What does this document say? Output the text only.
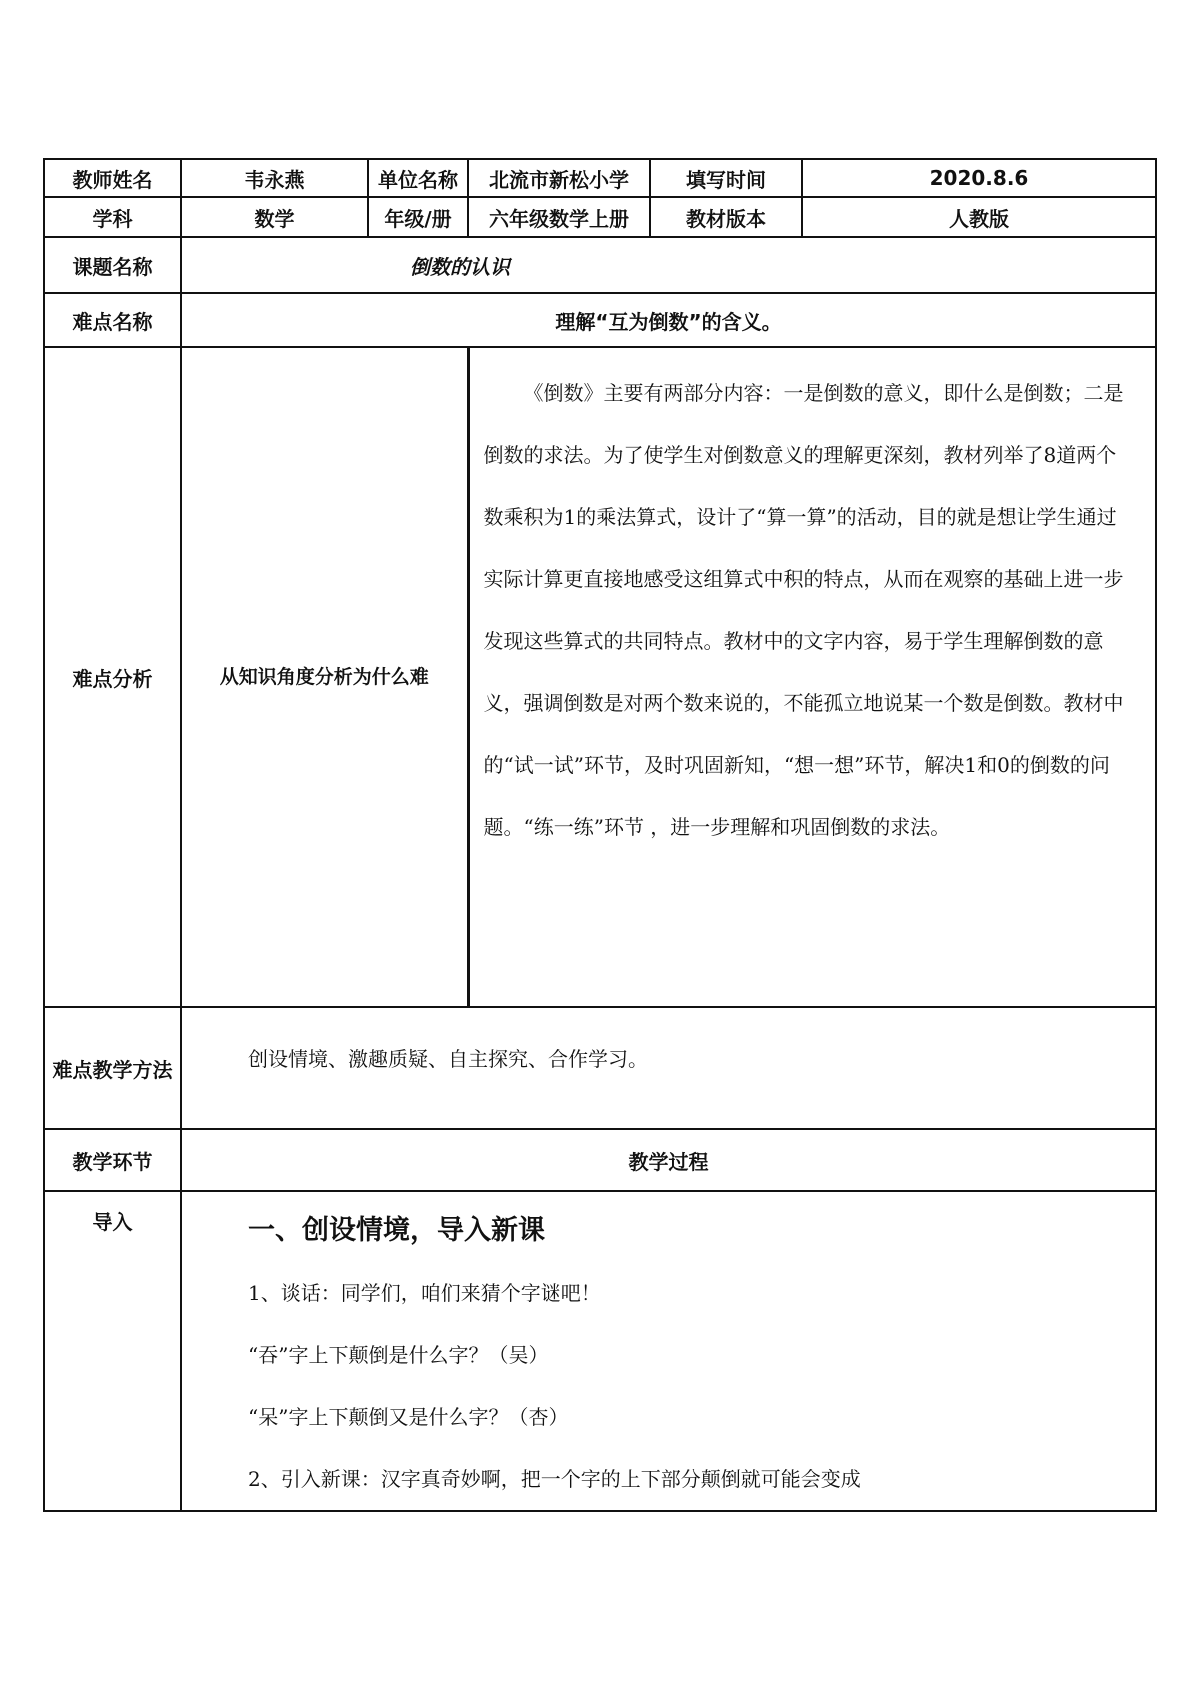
教师姓名	韦永燕	单位名称	北流市新松小学	填写时间	2020.8.6
学科	数学	年级/册	六年级数学上册	教材版本	人教版
课题名称	倒数的认识				
难点名称	理解“互为倒数”的含义。				
难点分析	从知识角度分析为什么难		《倒数》主要有两部分内容：一是倒数的意义，即什么是倒数；二是倒数的求法。为了使学生对倒数意义的理解更深刻，教材列举了8道两个数乘积为1的乘法算式，设计了“算一算”的活动，目的就是想让学生通过实际计算更直接地感受这组算式中积的特点，从而在观察的基础上进一步发现这些算式的共同特点。教材中的文字内容，易于学生理解倒数的意义，强调倒数是对两个数来说的，不能孤立地说某一个数是倒数。教材中的“试一试”环节，及时巩固新知，“想一想”环节，解决1和0的倒数的问题。“练一练”环节 ，进一步理解和巩固倒数的求法。		
难点教学方法	创设情境、激趣质疑、自主探究、合作学习。				
教学环节	教学过程				
导入	一、创设情境，导入新课
1、谈话：同学们，咱们来猜个字谜吧！
“吞”字上下颠倒是什么字？（吴）
“呆”字上下颠倒又是什么字？（杏）
2、引入新课：汉字真奇妙啊，把一个字的上下部分颠倒就可能会变成				
